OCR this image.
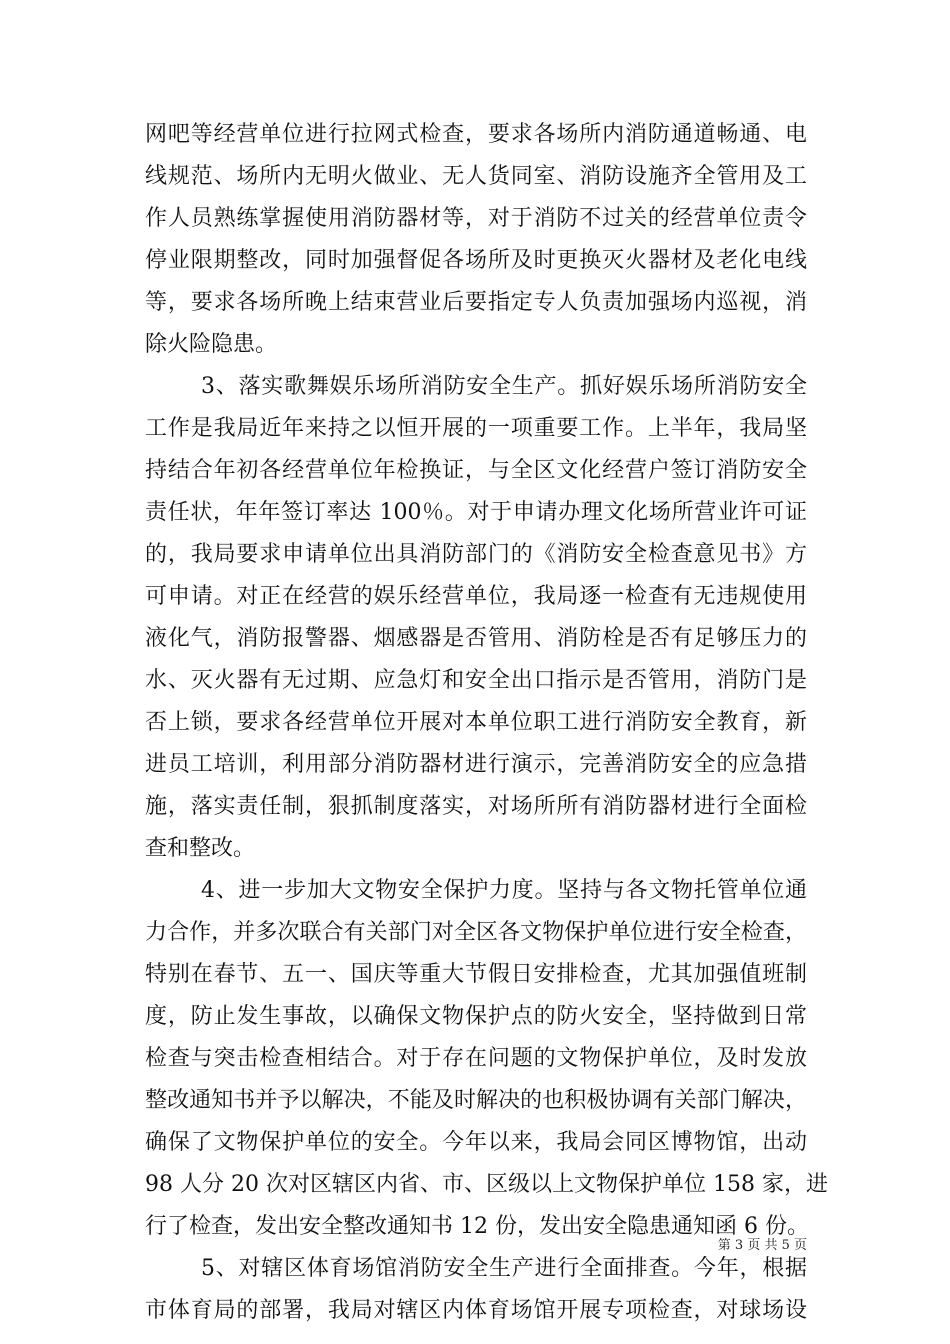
网吧等经营单位进行拉网式检查，要求各场所内消防通道畅通、电
线规范、场所内无明火做业、无人货同室、消防设施齐全管用及工
作人员熟练掌握使用消防器材等，对于消防不过关的经营单位责令
停业限期整改，同时加强督促各场所及时更换灭火器材及老化电线
等，要求各场所晚上结束营业后要指定专人负责加强场内巡视，消
除火险隐患。
3、落实歌舞娱乐场所消防安全生产。抓好娱乐场所消防安全
工作是我局近年来持之以恒开展的一项重要工作。上半年，我局坚
持结合年初各经营单位年检换证，与全区文化经营户签订消防安全
责任状，年年签订率达 100％。对于申请办理文化场所营业许可证
的，我局要求申请单位出具消防部门的《消防安全检查意见书》方
可申请。对正在经营的娱乐经营单位，我局逐一检查有无违规使用
液化气，消防报警器、烟感器是否管用、消防栓是否有足够压力的
水、灭火器有无过期、应急灯和安全出口指示是否管用，消防门是
否上锁，要求各经营单位开展对本单位职工进行消防安全教育，新
进员工培训，利用部分消防器材进行演示，完善消防安全的应急措
施，落实责任制，狠抓制度落实，对场所所有消防器材进行全面检
查和整改。
4、进一步加大文物安全保护力度。坚持与各文物托管单位通
力合作，并多次联合有关部门对全区各文物保护单位进行安全检查，
特别在春节、五一、国庆等重大节假日安排检查，尤其加强值班制
度，防止发生事故，以确保文物保护点的防火安全，坚持做到日常
检查与突击检查相结合。对于存在问题的文物保护单位，及时发放
整改通知书并予以解决，不能及时解决的也积极协调有关部门解决，
确保了文物保护单位的安全。今年以来，我局会同区博物馆，出动
98 人分 20 次对区辖区内省、市、区级以上文物保护单位 158 家，进
行了检查，发出安全整改通知书 12 份，发出安全隐患通知函 6 份。
5、对辖区体育场馆消防安全生产进行全面排查。今年，根据
市体育局的部署，我局对辖区内体育场馆开展专项检查，对球场设
第 3 页 共 5 页
